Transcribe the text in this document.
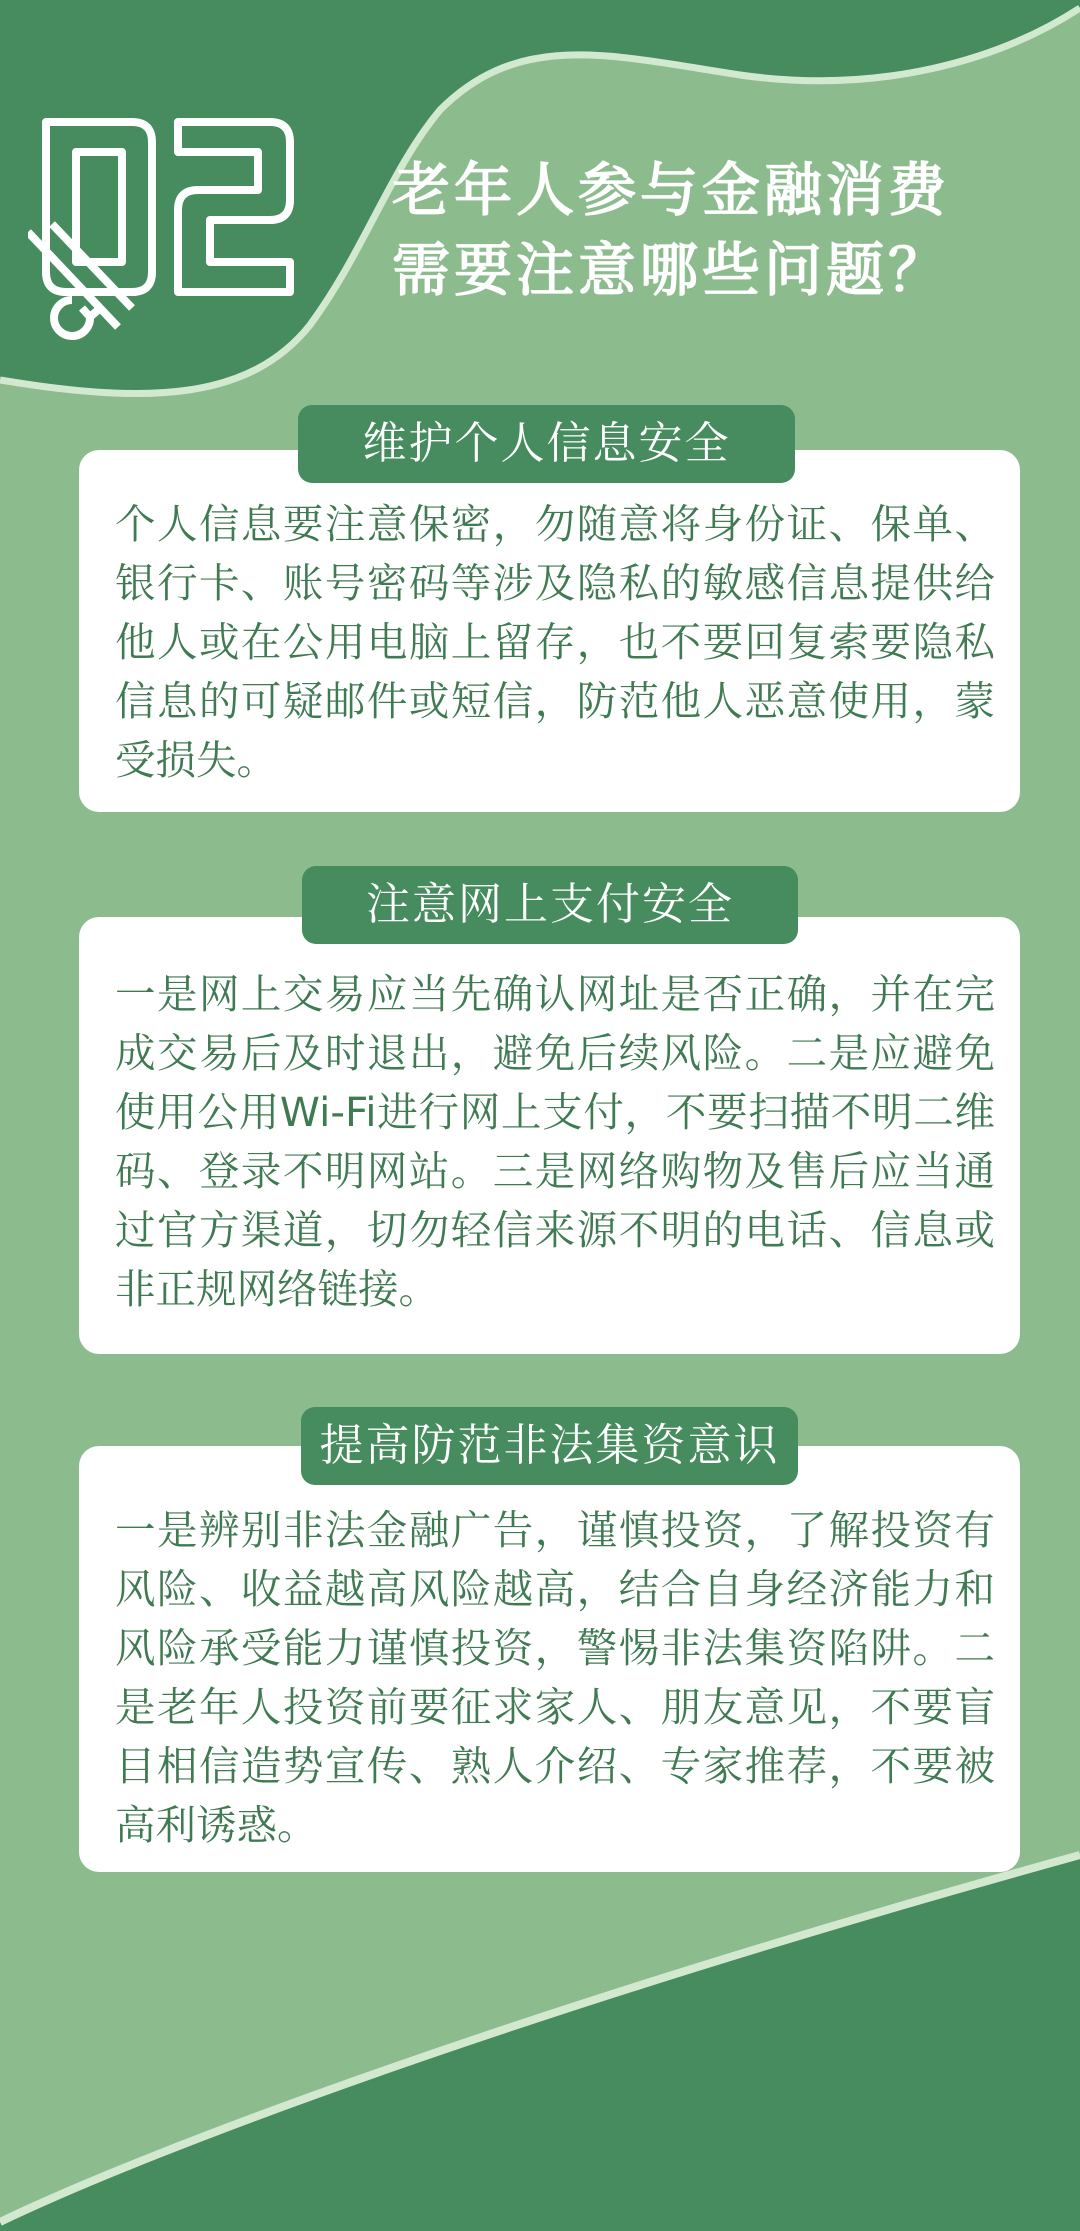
老年人参与金融消费
需要注意哪些问题？
个人信息要注意保密，勿随意将身份证、保单、银行卡、账号密码等涉及隐私的敏感信息提供给他人或在公用电脑上留存，也不要回复索要隐私信息的可疑邮件或短信，防范他人恶意使用，蒙受损失。
维护个人信息安全
一是网上交易应当先确认网址是否正确，并在完成交易后及时退出，避免后续风险。二是应避免使用公用Wi-Fi进行网上支付，不要扫描不明二维码、登录不明网站。三是网络购物及售后应当通过官方渠道，切勿轻信来源不明的电话、信息或非正规网络链接。
注意网上支付安全
一是辨别非法金融广告，谨慎投资，了解投资有风险、收益越高风险越高，结合自身经济能力和风险承受能力谨慎投资，警惕非法集资陷阱。二是老年人投资前要征求家人、朋友意见，不要盲目相信造势宣传、熟人介绍、专家推荐，不要被高利诱惑。
提高防范非法集资意识
